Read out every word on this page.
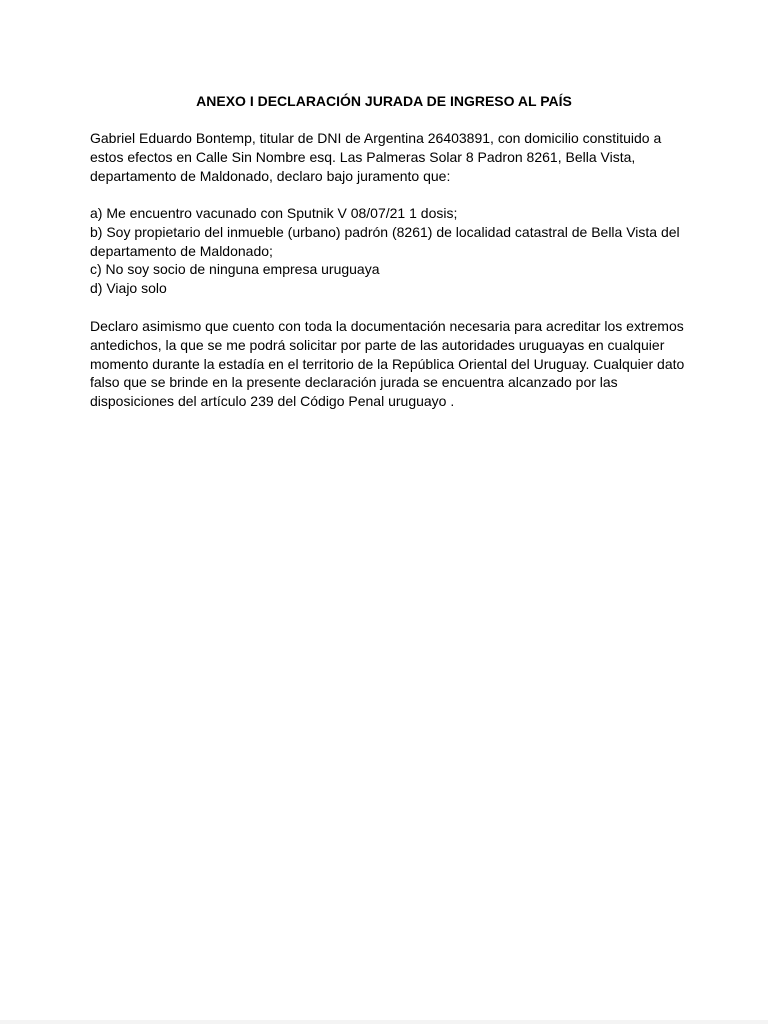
ANEXO I DECLARACIÓN JURADA DE INGRESO AL PAÍS
Gabriel Eduardo Bontemp, titular de DNI de Argentina 26403891, con domicilio constituido a
estos efectos en Calle Sin Nombre esq. Las Palmeras Solar 8 Padron 8261, Bella Vista,
departamento de Maldonado, declaro bajo juramento que:
a) Me encuentro vacunado con Sputnik V 08/07/21 1 dosis;
b) Soy propietario del inmueble (urbano) padrón (8261) de localidad catastral de Bella Vista del
departamento de Maldonado;
c) No soy socio de ninguna empresa uruguaya
d) Viajo solo
Declaro asimismo que cuento con toda la documentación necesaria para acreditar los extremos
antedichos, la que se me podrá solicitar por parte de las autoridades uruguayas en cualquier
momento durante la estadía en el territorio de la República Oriental del Uruguay. Cualquier dato
falso que se brinde en la presente declaración jurada se encuentra alcanzado por las
disposiciones del artículo 239 del Código Penal uruguayo .
